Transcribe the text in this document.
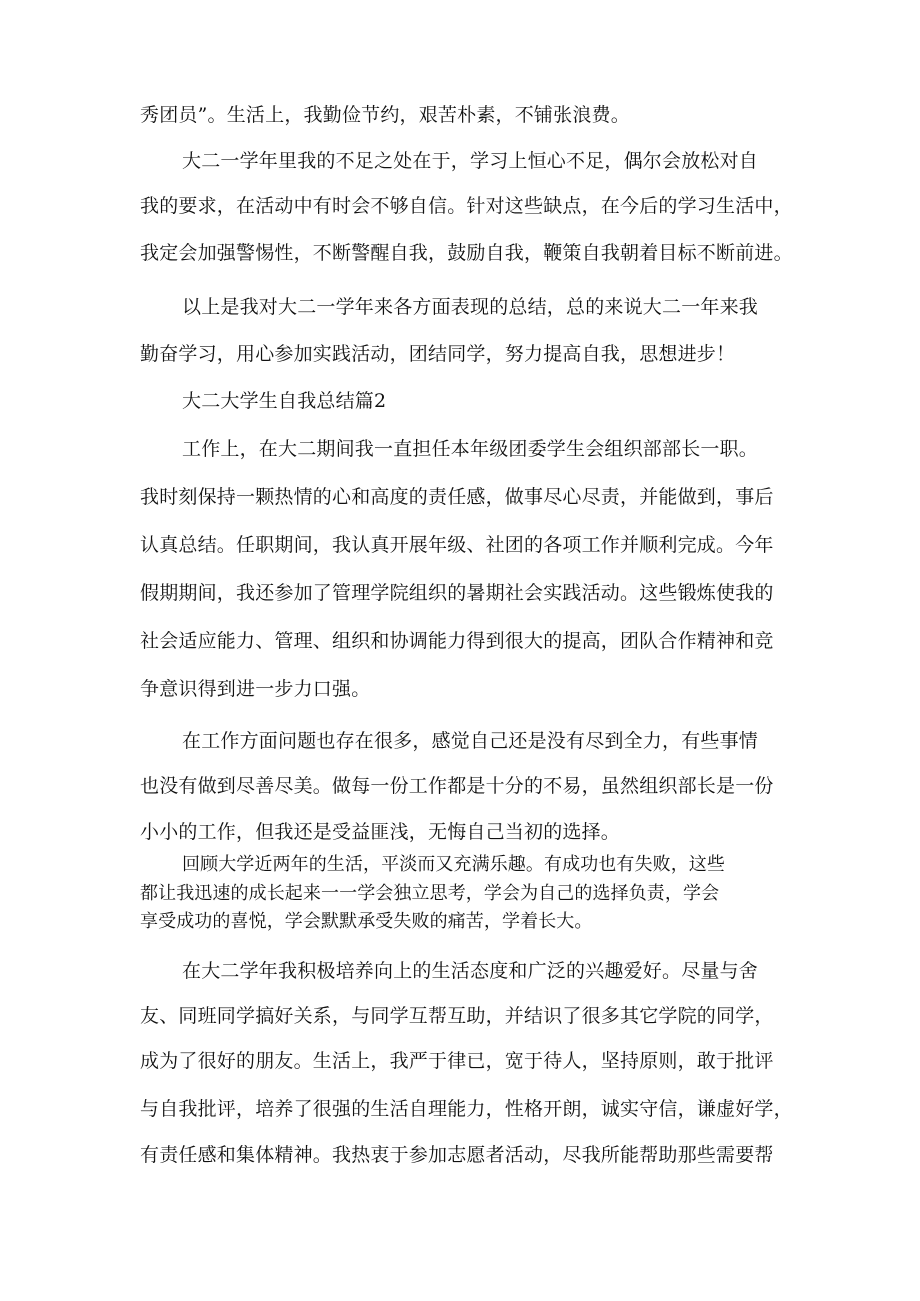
秀团员”。生活上，我勤俭节约，艰苦朴素，不铺张浪费。
大二一学年里我的不足之处在于，学习上恒心不足，偶尔会放松对自
我的要求，在活动中有时会不够自信。针对这些缺点，在今后的学习生活中，
我定会加强警惕性，不断警醒自我，鼓励自我，鞭策自我朝着目标不断前进。
以上是我对大二一学年来各方面表现的总结，总的来说大二一年来我
勤奋学习，用心参加实践活动，团结同学，努力提高自我，思想进步！
大二大学生自我总结篇2
工作上，在大二期间我一直担任本年级团委学生会组织部部长一职。
我时刻保持一颗热情的心和高度的责任感，做事尽心尽责，并能做到，事后
认真总结。任职期间，我认真开展年级、社团的各项工作并顺利完成。今年
假期期间，我还参加了管理学院组织的暑期社会实践活动。这些锻炼使我的
社会适应能力、管理、组织和协调能力得到很大的提高，团队合作精神和竞
争意识得到进一步力口强。
在工作方面问题也存在很多，感觉自己还是没有尽到全力，有些事情
也没有做到尽善尽美。做每一份工作都是十分的不易，虽然组织部长是一份
小小的工作，但我还是受益匪浅，无悔自己当初的选择。
回顾大学近两年的生活，平淡而又充满乐趣。有成功也有失败，这些
都让我迅速的成长起来一一学会独立思考，学会为自己的选择负责，学会
享受成功的喜悦，学会默默承受失败的痛苦，学着长大。
在大二学年我积极培养向上的生活态度和广泛的兴趣爱好。尽量与舍
友、同班同学搞好关系，与同学互帮互助，并结识了很多其它学院的同学，
成为了很好的朋友。生活上，我严于律已，宽于待人，坚持原则，敢于批评
与自我批评，培养了很强的生活自理能力，性格开朗，诚实守信，谦虚好学，
有责任感和集体精神。我热衷于参加志愿者活动，尽我所能帮助那些需要帮
